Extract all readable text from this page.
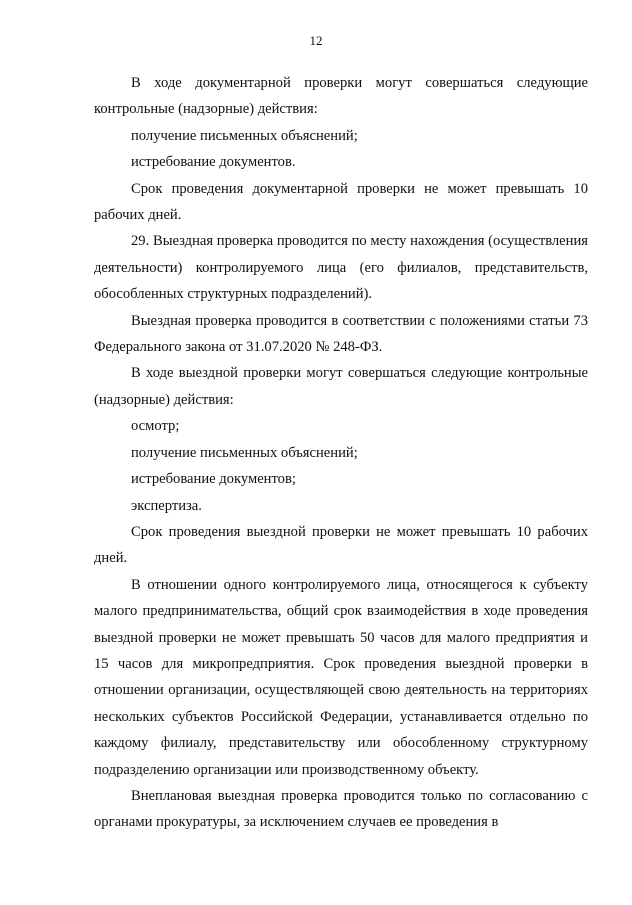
12

В ходе документарной проверки могут совершаться следующие контрольные (надзорные) действия:

получение письменных объяснений;

истребование документов.

Срок проведения документарной проверки не может превышать 10 рабочих дней.

29. Выездная проверка проводится по месту нахождения (осуществления деятельности) контролируемого лица (его филиалов, представительств, обособленных структурных подразделений).

Выездная проверка проводится в соответствии с положениями статьи 73 Федерального закона от 31.07.2020 № 248-ФЗ.

В ходе выездной проверки могут совершаться следующие контрольные (надзорные) действия:

осмотр;

получение письменных объяснений;

истребование документов;

экспертиза.

Срок проведения выездной проверки не может превышать 10 рабочих дней.

В отношении одного контролируемого лица, относящегося к субъекту малого предпринимательства, общий срок взаимодействия в ходе проведения выездной проверки не может превышать 50 часов для малого предприятия и 15 часов для микропредприятия. Срок проведения выездной проверки в отношении организации, осуществляющей свою деятельность на территориях нескольких субъектов Российской Федерации, устанавливается отдельно по каждому филиалу, представительству или обособленному структурному подразделению организации или производственному объекту.

Внеплановая выездная проверка проводится только по согласованию с органами прокуратуры, за исключением случаев ее проведения в
